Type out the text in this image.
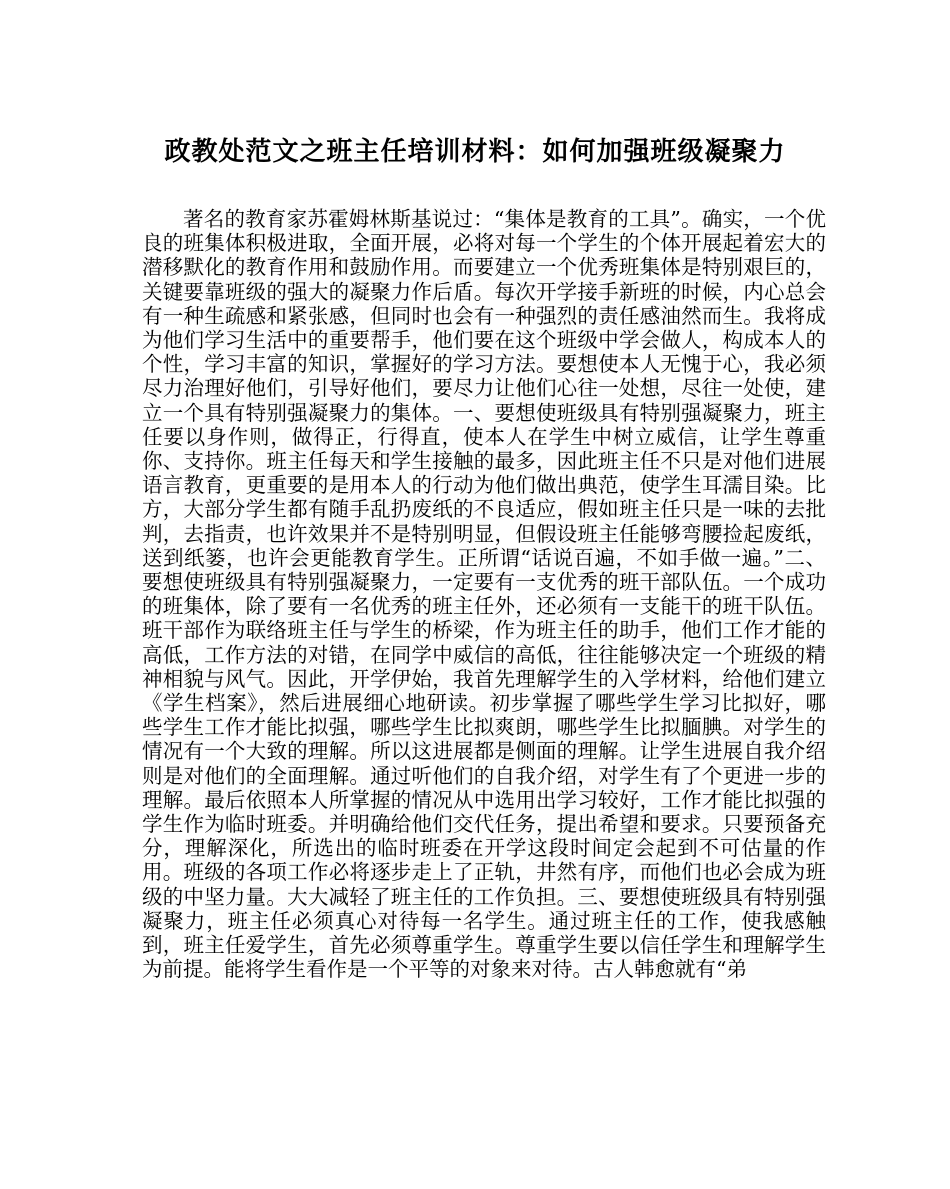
政教处范文之班主任培训材料：如何加强班级凝聚力

著名的教育家苏霍姆林斯基说过：“集体是教育的工具”。确实，一个优良的班集体积极进取，全面开展，必将对每一个学生的个体开展起着宏大的潜移默化的教育作用和鼓励作用。而要建立一个优秀班集体是特别艰巨的，关键要靠班级的强大的凝聚力作后盾。每次开学接手新班的时候，内心总会有一种生疏感和紧张感，但同时也会有一种强烈的责任感油然而生。我将成为他们学习生活中的重要帮手，他们要在这个班级中学会做人，构成本人的个性，学习丰富的知识，掌握好的学习方法。要想使本人无愧于心，我必须尽力治理好他们，引导好他们，要尽力让他们心往一处想，尽往一处使，建立一个具有特别强凝聚力的集体。一、要想使班级具有特别强凝聚力，班主任要以身作则，做得正，行得直，使本人在学生中树立威信，让学生尊重你、支持你。班主任每天和学生接触的最多，因此班主任不只是对他们进展语言教育，更重要的是用本人的行动为他们做出典范，使学生耳濡目染。比方，大部分学生都有随手乱扔废纸的不良适应，假如班主任只是一味的去批判，去指责，也许效果并不是特别明显，但假设班主任能够弯腰捡起废纸，送到纸篓，也许会更能教育学生。正所谓“话说百遍，不如手做一遍。”二、要想使班级具有特别强凝聚力，一定要有一支优秀的班干部队伍。一个成功的班集体，除了要有一名优秀的班主任外，还必须有一支能干的班干队伍。班干部作为联络班主任与学生的桥梁，作为班主任的助手，他们工作才能的高低，工作方法的对错，在同学中威信的高低，往往能够决定一个班级的精神相貌与风气。因此，开学伊始，我首先理解学生的入学材料，给他们建立《学生档案》，然后进展细心地研读。初步掌握了哪些学生学习比拟好，哪些学生工作才能比拟强，哪些学生比拟爽朗，哪些学生比拟腼腆。对学生的情况有一个大致的理解。所以这进展都是侧面的理解。让学生进展自我介绍则是对他们的全面理解。通过听他们的自我介绍，对学生有了个更进一步的理解。最后依照本人所掌握的情况从中选用出学习较好，工作才能比拟强的学生作为临时班委。并明确给他们交代任务，提出希望和要求。只要预备充分，理解深化，所选出的临时班委在开学这段时间定会起到不可估量的作用。班级的各项工作必将逐步走上了正轨，井然有序，而他们也必会成为班级的中坚力量。大大减轻了班主任的工作负担。三、要想使班级具有特别强凝聚力，班主任必须真心对待每一名学生。通过班主任的工作，使我感触到，班主任爱学生，首先必须尊重学生。尊重学生要以信任学生和理解学生为前提。能将学生看作是一个平等的对象来对待。古人韩愈就有“弟
